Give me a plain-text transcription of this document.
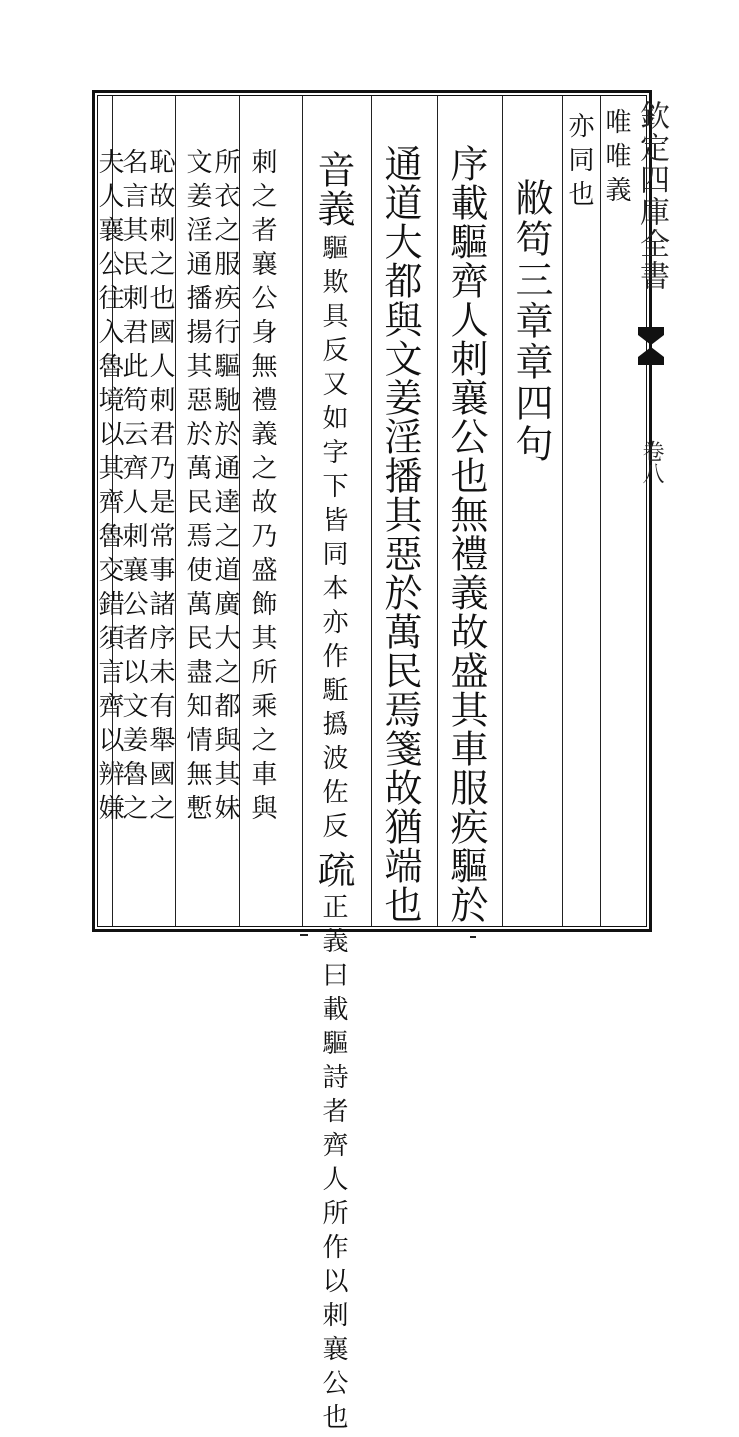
亦同也 唯唯義
敝笱三章章四句
序載驅齊人刺襄公也無禮義故盛其車服疾驅於
通道大都與文姜淫播其惡於萬民焉箋故猶端也
音義驅欺具反又如字下皆同本亦作駈撝波佐反疏正義曰載驅詩者齊人所作以刺襄公也
刺之者襄公身無禮義之故乃盛飾其所乘之車與
所衣之服疾行驅馳於通達之道廣大之都與其妹
文姜淫通播揚其惡於萬民焉使萬民盡知情無慙
恥故刺之也國人刺君乃是常事諸序未有舉國之
名言其民刺君此笱云齊人刺襄公者以文姜魯之
夫人襄公往入魯境以其齊魯交錯須言齊以辨嫌	欽定四庫全書
卷八
